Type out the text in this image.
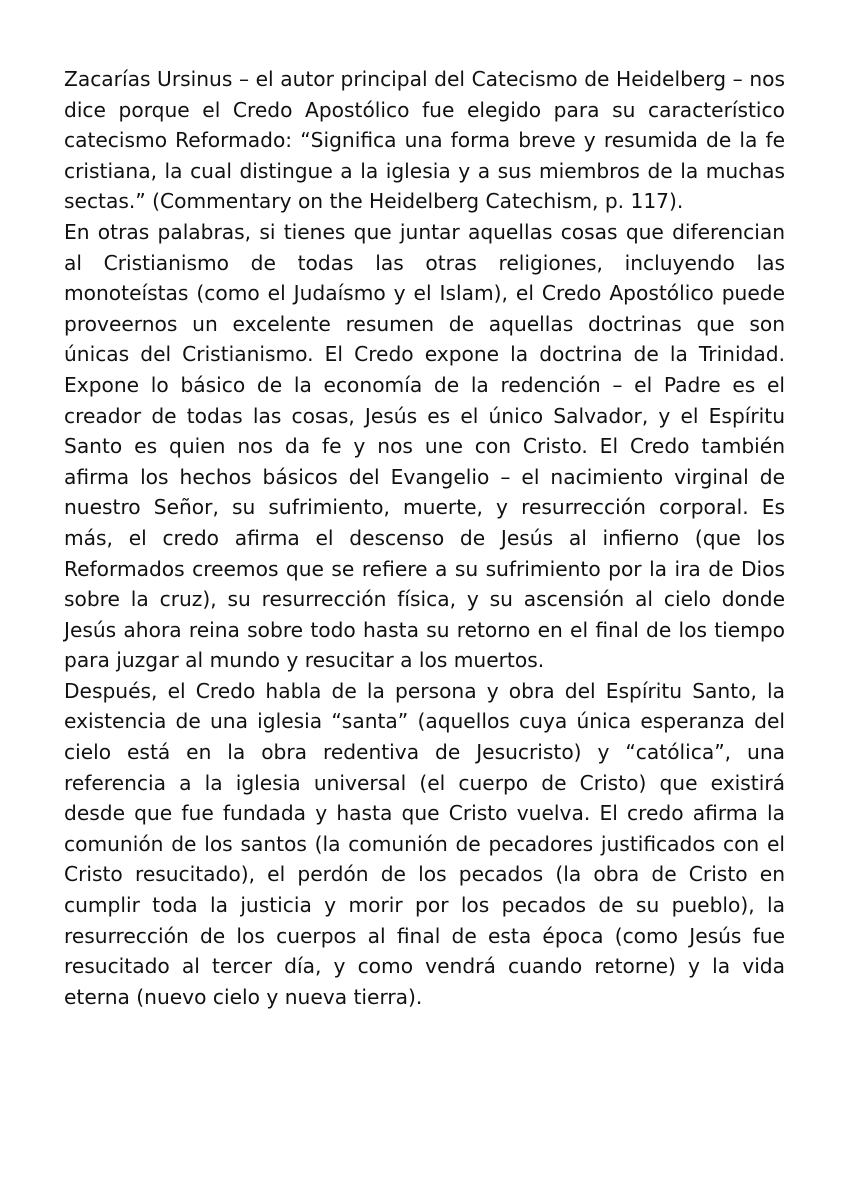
Zacarías Ursinus – el autor principal del Catecismo de Heidelberg – nos dice porque el Credo Apostólico fue elegido para su característico catecismo Reformado: “Significa una forma breve y resumida de la fe cristiana, la cual distingue a la iglesia y a sus miembros de la muchas sectas.” (Commentary on the Heidelberg Catechism, p. 117).

En otras palabras, si tienes que juntar aquellas cosas que diferencian al Cristianismo de todas las otras religiones, incluyendo las monoteístas (como el Judaísmo y el Islam), el Credo Apostólico puede proveernos un excelente resumen de aquellas doctrinas que son únicas del Cristianismo. El Credo expone la doctrina de la Trinidad. Expone lo básico de la economía de la redención – el Padre es el creador de todas las cosas, Jesús es el único Salvador, y el Espíritu Santo es quien nos da fe y nos une con Cristo. El Credo también afirma los hechos básicos del Evangelio – el nacimiento virginal de nuestro Señor, su sufrimiento, muerte, y resurrección corporal. Es más, el credo afirma el descenso de Jesús al infierno (que los Reformados creemos que se refiere a su sufrimiento por la ira de Dios sobre la cruz), su resurrección física, y su ascensión al cielo donde Jesús ahora reina sobre todo hasta su retorno en el final de los tiempo para juzgar al mundo y resucitar a los muertos.

Después, el Credo habla de la persona y obra del Espíritu Santo, la existencia de una iglesia “santa” (aquellos cuya única esperanza del cielo está en la obra redentiva de Jesucristo) y “católica”, una referencia a la iglesia universal (el cuerpo de Cristo) que existirá desde que fue fundada y hasta que Cristo vuelva. El credo afirma la comunión de los santos (la comunión de pecadores justificados con el Cristo resucitado), el perdón de los pecados (la obra de Cristo en cumplir toda la justicia y morir por los pecados de su pueblo), la resurrección de los cuerpos al final de esta época (como Jesús fue resucitado al tercer día, y como vendrá cuando retorne) y la vida eterna (nuevo cielo y nueva tierra).
